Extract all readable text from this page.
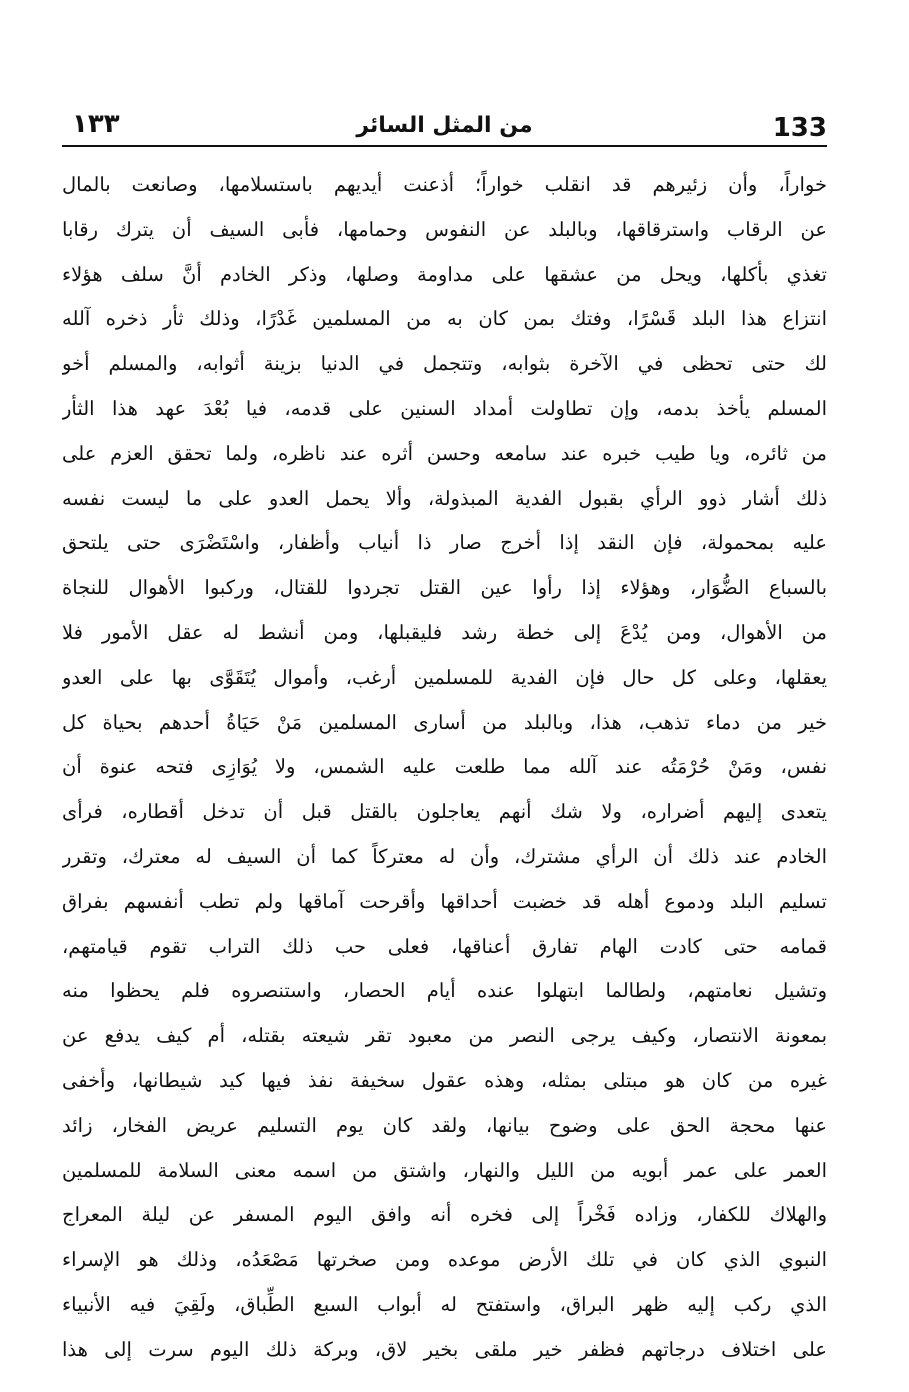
133
من المثل السائر
١٣٣
خواراً، وأن زئيرهم قد انقلب خواراً؛ أذعنت أيديهم باستسلامها، وصانعت بالمال
عن الرقاب واسترقاقها، وبالبلد عن النفوس وحمامها، فأبى السيف أن يترك رقابا
تغذي بأكلها، ويحل من عشقها على مداومة وصلها، وذكر الخادم أنَّ سلف هؤلاء
انتزاع هذا البلد قَسْرًا، وفتك بمن كان به من المسلمين غَدْرًا، وذلك ثأر ذخره آلله
لك حتى تحظى في الآخرة بثوابه، وتتجمل في الدنيا بزينة أثوابه، والمسلم أخو
المسلم يأخذ بدمه، وإن تطاولت أمداد السنين على قدمه، فيا بُعْدَ عهد هذا الثأر
من ثائره، ويا طيب خبره عند سامعه وحسن أثره عند ناظره، ولما تحقق العزم على
ذلك أشار ذوو الرأي بقبول الفدية المبذولة، وألا يحمل العدو على ما ليست نفسه
عليه بمحمولة، فإن النقد إذا أخرج صار ذا أنياب وأظفار، واسْتَضْرَى حتى يلتحق
بالسباع الضُّوَار، وهؤلاء إذا رأوا عين القتل تجردوا للقتال، وركبوا الأهوال للنجاة
من الأهوال، ومن يُدْعَ إلى خطة رشد فليقبلها، ومن أنشط له عقل الأمور فلا
يعقلها، وعلى كل حال فإن الفدية للمسلمين أرغب، وأموال يُتَقَوَّى بها على العدو
خير من دماء تذهب، هذا، وبالبلد من أسارى المسلمين مَنْ حَيَاةُ أحدهم بحياة كل
نفس، ومَنْ حُرْمَتُه عند آلله مما طلعت عليه الشمس، ولا يُوَازِى فتحه عنوة أن
يتعدى إليهم أضراره، ولا شك أنهم يعاجلون بالقتل قبل أن تدخل أقطاره، فرأى
الخادم عند ذلك أن الرأي مشترك، وأن له معتركاً كما أن السيف له معترك، وتقرر
تسليم البلد ودموع أهله قد خضبت أحداقها وأقرحت آماقها ولم تطب أنفسهم بفراق
قمامه حتى كادت الهام تفارق أعناقها، فعلى حب ذلك التراب تقوم قيامتهم،
وتشيل نعامتهم، ولطالما ابتهلوا عنده أيام الحصار، واستنصروه فلم يحظوا منه
بمعونة الانتصار، وكيف يرجى النصر من معبود تقر شيعته بقتله، أم كيف يدفع عن
غيره من كان هو مبتلى بمثله، وهذه عقول سخيفة نفذ فيها كيد شيطانها، وأخفى
عنها محجة الحق على وضوح بيانها، ولقد كان يوم التسليم عريض الفخار، زائد
العمر على عمر أبويه من الليل والنهار، واشتق من اسمه معنى السلامة للمسلمين
والهلاك للكفار، وزاده فَخْراً إلى فخره أنه وافق اليوم المسفر عن ليلة المعراج
النبوي الذي كان في تلك الأرض موعده ومن صخرتها مَصْعَدُه، وذلك هو الإسراء
الذي ركب إليه ظهر البراق، واستفتح له أبواب السبع الطِّباق، ولَقِيَ فيه الأنبياء
على اختلاف درجاتهم فظفر خير ملقى بخير لاق، وبركة ذلك اليوم سرت إلى هذا
